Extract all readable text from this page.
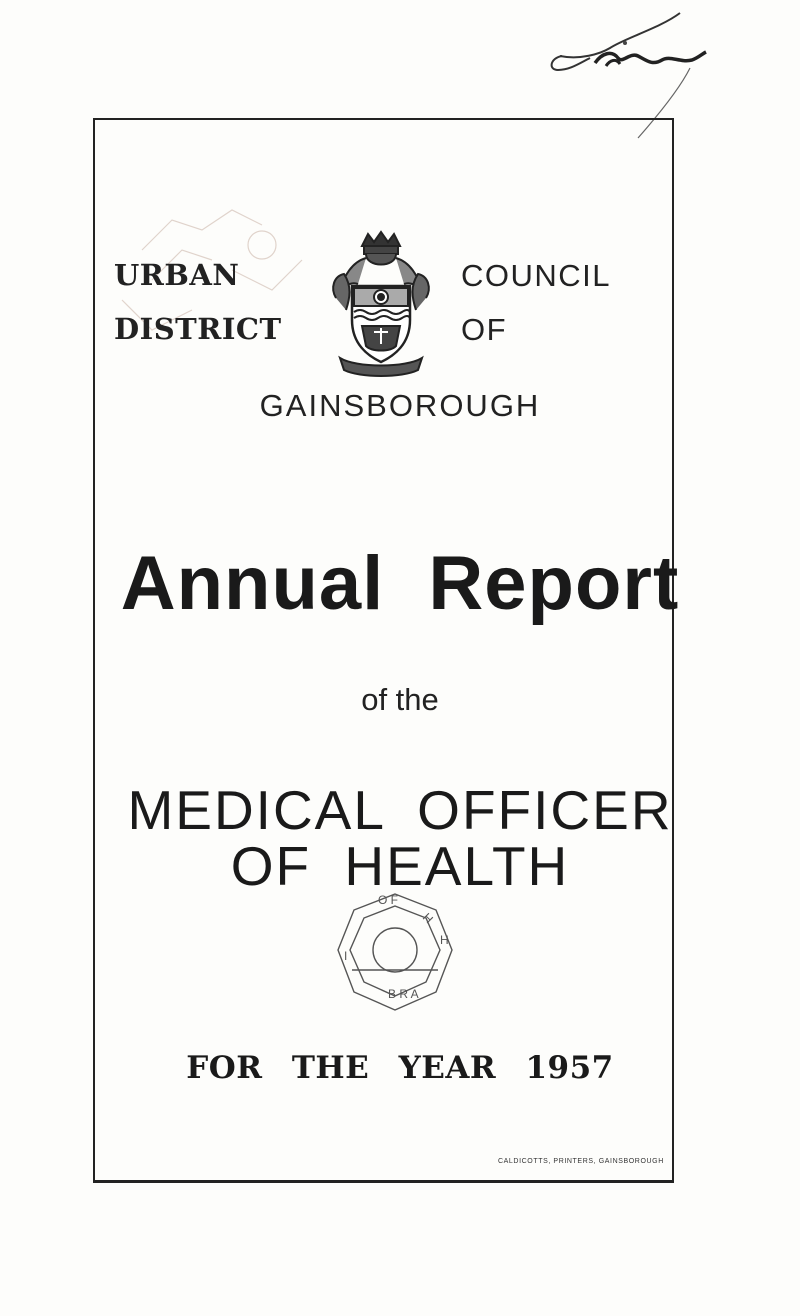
URBAN
DISTRICT
COUNCIL
OF
GAINSBOROUGH
Annual Report
of the
MEDICAL OFFICER
OF HEALTH
O F
H
H
B R A
I
FOR THE YEAR 1957
CALDICOTTS, PRINTERS, GAINSBOROUGH
